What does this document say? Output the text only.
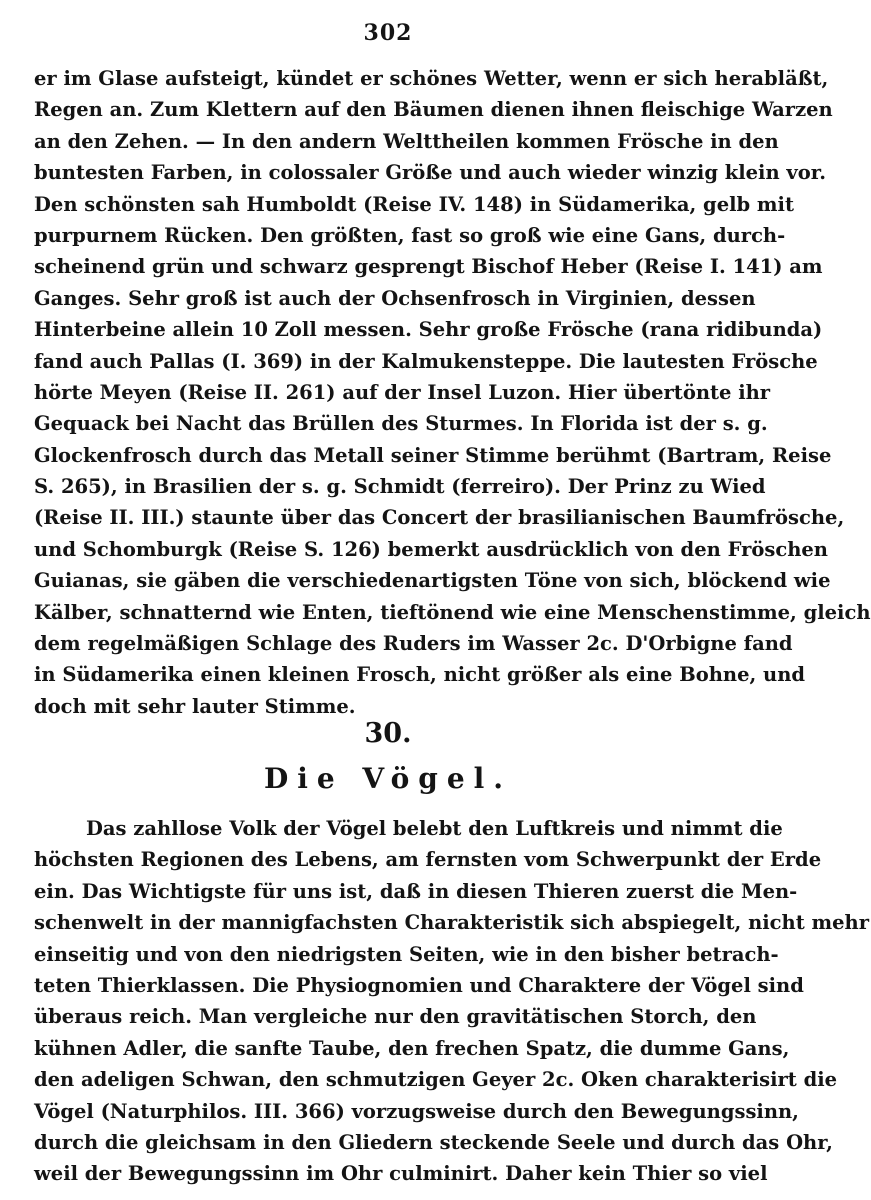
302
er im Glase aufsteigt, kündet er schönes Wetter, wenn er sich herabläßt,
Regen an. Zum Klettern auf den Bäumen dienen ihnen fleischige Warzen
an den Zehen. — In den andern Welttheilen kommen Frösche in den
buntesten Farben, in colossaler Größe und auch wieder winzig klein vor.
Den schönsten sah Humboldt (Reise IV. 148) in Südamerika, gelb mit
purpurnem Rücken. Den größten, fast so groß wie eine Gans, durch-
scheinend grün und schwarz gesprengt Bischof Heber (Reise I. 141) am
Ganges. Sehr groß ist auch der Ochsenfrosch in Virginien, dessen
Hinterbeine allein 10 Zoll messen. Sehr große Frösche (rana ridibunda)
fand auch Pallas (I. 369) in der Kalmukensteppe. Die lautesten Frösche
hörte Meyen (Reise II. 261) auf der Insel Luzon. Hier übertönte ihr
Gequack bei Nacht das Brüllen des Sturmes. In Florida ist der s. g.
Glockenfrosch durch das Metall seiner Stimme berühmt (Bartram, Reise
S. 265), in Brasilien der s. g. Schmidt (ferreiro). Der Prinz zu Wied
(Reise II. III.) staunte über das Concert der brasilianischen Baumfrösche,
und Schomburgk (Reise S. 126) bemerkt ausdrücklich von den Fröschen
Guianas, sie gäben die verschiedenartigsten Töne von sich, blöckend wie
Kälber, schnatternd wie Enten, tieftönend wie eine Menschenstimme, gleich
dem regelmäßigen Schlage des Ruders im Wasser 2c. D'Orbigne fand
in Südamerika einen kleinen Frosch, nicht größer als eine Bohne, und
doch mit sehr lauter Stimme.
30.
Die Vögel.
Das zahllose Volk der Vögel belebt den Luftkreis und nimmt die
höchsten Regionen des Lebens, am fernsten vom Schwerpunkt der Erde
ein. Das Wichtigste für uns ist, daß in diesen Thieren zuerst die Men-
schenwelt in der mannigfachsten Charakteristik sich abspiegelt, nicht mehr
einseitig und von den niedrigsten Seiten, wie in den bisher betrach-
teten Thierklassen. Die Physiognomien und Charaktere der Vögel sind
überaus reich. Man vergleiche nur den gravitätischen Storch, den
kühnen Adler, die sanfte Taube, den frechen Spatz, die dumme Gans,
den adeligen Schwan, den schmutzigen Geyer 2c. Oken charakterisirt die
Vögel (Naturphilos. III. 366) vorzugsweise durch den Bewegungssinn,
durch die gleichsam in den Gliedern steckende Seele und durch das Ohr,
weil der Bewegungssinn im Ohr culminirt. Daher kein Thier so viel
